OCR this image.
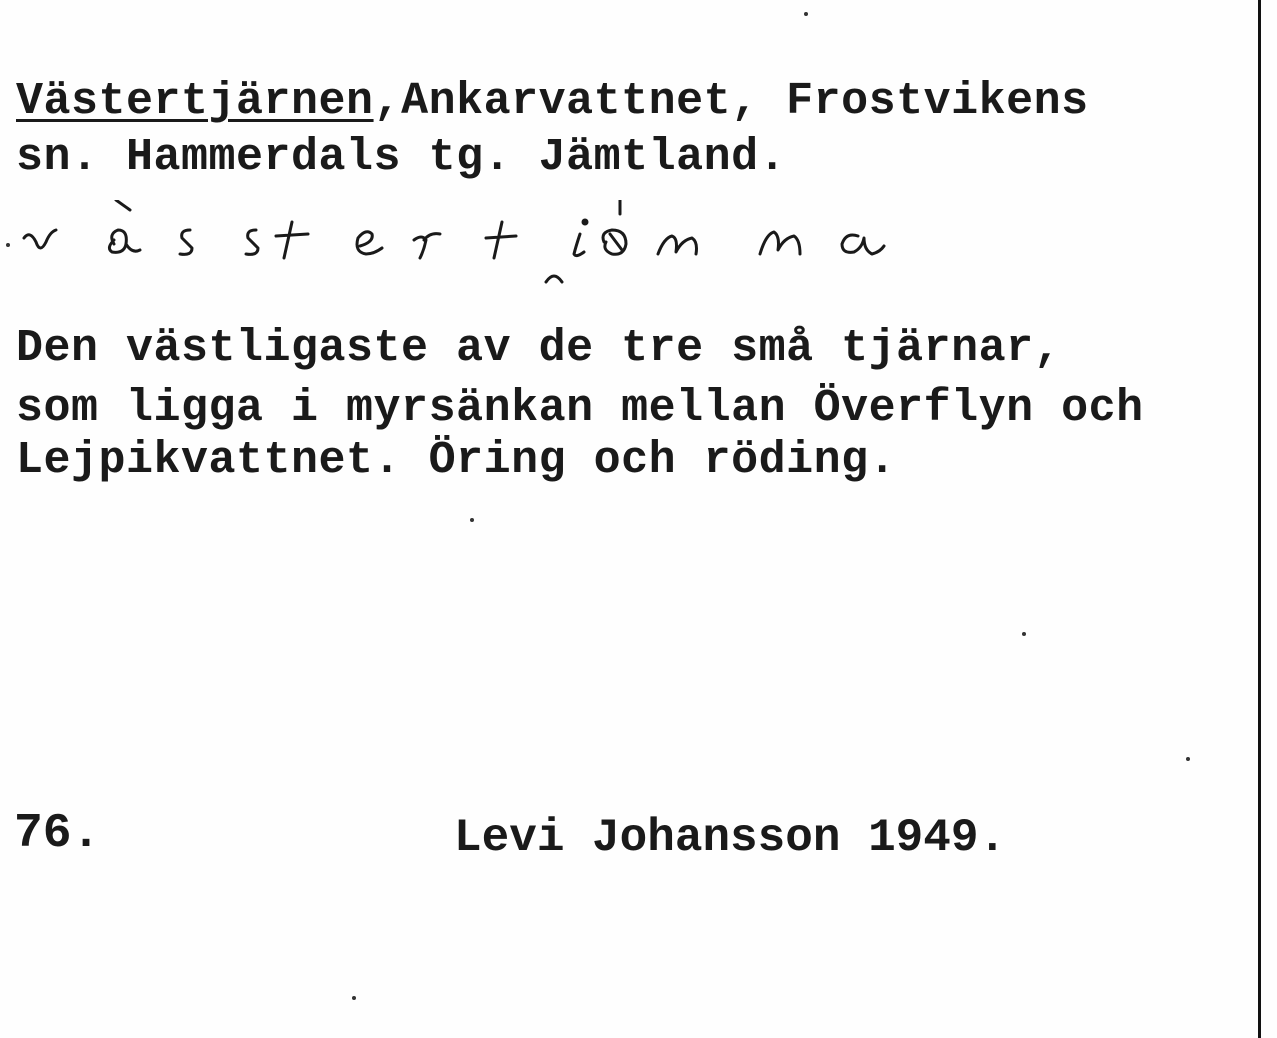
Västertjärnen,Ankarvattnet, Frostvikens
sn. Hammerdals tg. Jämtland.
Den västligaste av de tre små tjärnar,
som ligga i myrsänkan mellan Överflyn och
Lejpikvattnet. Öring och röding.
76.	Levi Johansson 1949.
